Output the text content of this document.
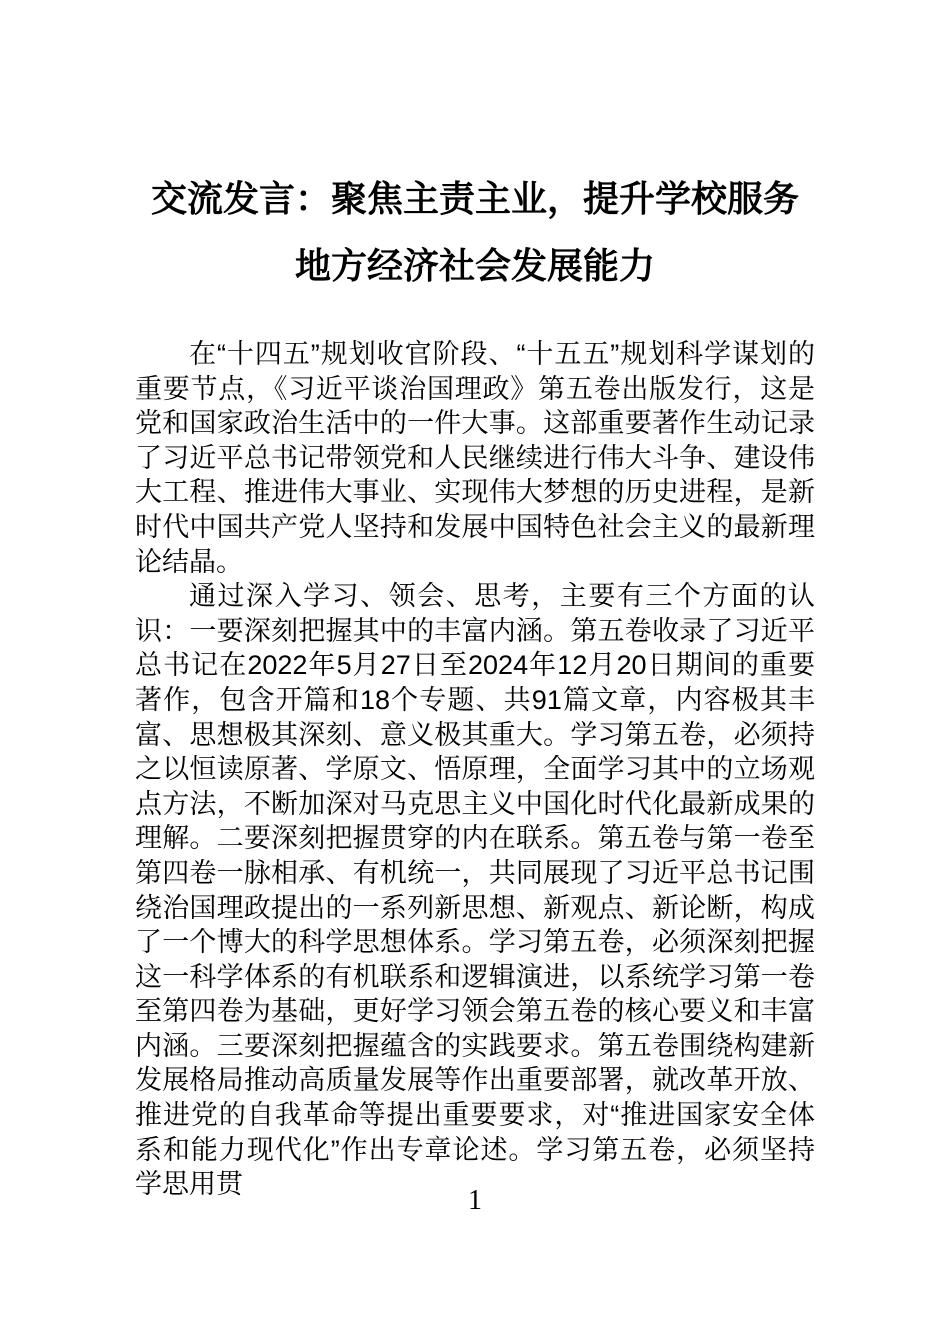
交流发言：聚焦主责主业，提升学校服务地方经济社会发展能力

在“十四五”规划收官阶段、“十五五”规划科学谋划的重要节点，《习近平谈治国理政》第五卷出版发行，这是党和国家政治生活中的一件大事。这部重要著作生动记录了习近平总书记带领党和人民继续进行伟大斗争、建设伟大工程、推进伟大事业、实现伟大梦想的历史进程，是新时代中国共产党人坚持和发展中国特色社会主义的最新理论结晶。

通过深入学习、领会、思考，主要有三个方面的认识：一要深刻把握其中的丰富内涵。第五卷收录了习近平总书记在2022年5月27日至2024年12月20日期间的重要著作，包含开篇和18个专题、共91篇文章，内容极其丰富、思想极其深刻、意义极其重大。学习第五卷，必须持之以恒读原著、学原文、悟原理，全面学习其中的立场观点方法，不断加深对马克思主义中国化时代化最新成果的理解。二要深刻把握贯穿的内在联系。第五卷与第一卷至第四卷一脉相承、有机统一，共同展现了习近平总书记围绕治国理政提出的一系列新思想、新观点、新论断，构成了一个博大的科学思想体系。学习第五卷，必须深刻把握这一科学体系的有机联系和逻辑演进，以系统学习第一卷至第四卷为基础，更好学习领会第五卷的核心要义和丰富内涵。三要深刻把握蕴含的实践要求。第五卷围绕构建新发展格局推动高质量发展等作出重要部署，就改革开放、推进党的自我革命等提出重要要求，对“推进国家安全体系和能力现代化”作出专章论述。学习第五卷，必须坚持学思用贯

1
